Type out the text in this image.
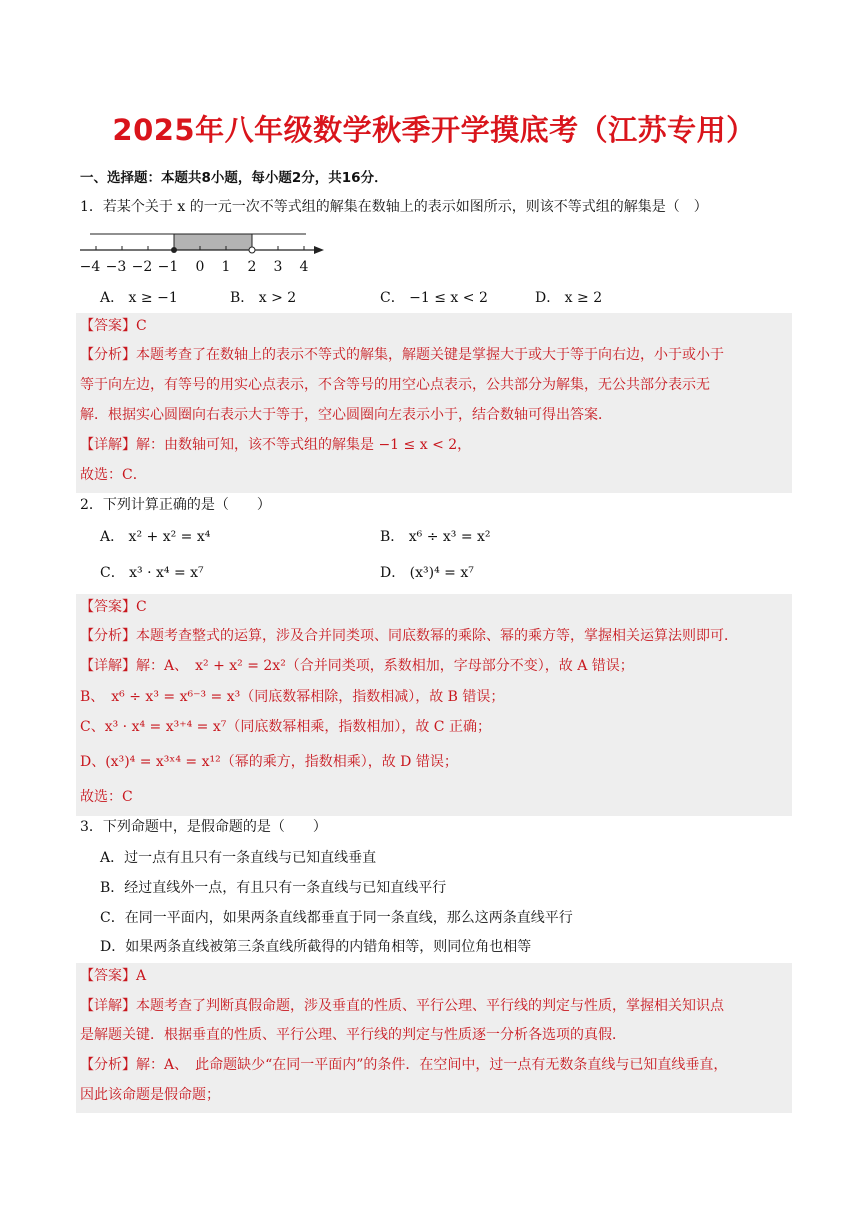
2025年八年级数学秋季开学摸底考（江苏专用）
一、选择题：本题共8小题，每小题2分，共16分．
1．若某个关于 x 的一元一次不等式组的解集在数轴上的表示如图所示，则该不等式组的解集是（　）
−4 −3 −2 −1 0 1 2 3 4
A． x ≥ −1	B． x > 2	C． −1 ≤ x < 2	D． x ≥ 2
【答案】C
【分析】本题考查了在数轴上的表示不等式的解集，解题关键是掌握大于或大于等于向右边，小于或小于
等于向左边，有等号的用实心点表示，不含等号的用空心点表示，公共部分为解集，无公共部分表示无
解．根据实心圆圈向右表示大于等于，空心圆圈向左表示小于，结合数轴可得出答案．
【详解】解：由数轴可知，该不等式组的解集是 −1 ≤ x < 2，
故选：C．
2．下列计算正确的是（　　）
A． x² + x² = x⁴	B． x⁶ ÷ x³ = x²
C． x³ · x⁴ = x⁷	D． (x³)⁴ = x⁷
【答案】C
【分析】本题考查整式的运算，涉及合并同类项、同底数幂的乘除、幂的乘方等，掌握相关运算法则即可．
【详解】解：A、　x² + x² = 2x²（合并同类项，系数相加，字母部分不变），故 A 错误；
B、　x⁶ ÷ x³ = x⁶⁻³ = x³（同底数幂相除，指数相减），故 B 错误；
C、x³ · x⁴ = x³⁺⁴ = x⁷（同底数幂相乘，指数相加），故 C 正确；
D、(x³)⁴ = x³ˣ⁴ = x¹²（幂的乘方，指数相乘），故 D 错误；
故选：C
3．下列命题中，是假命题的是（　　）
A．过一点有且只有一条直线与已知直线垂直
B．经过直线外一点，有且只有一条直线与已知直线平行
C．在同一平面内，如果两条直线都垂直于同一条直线，那么这两条直线平行
D．如果两条直线被第三条直线所截得的内错角相等，则同位角也相等
【答案】A
【详解】本题考查了判断真假命题，涉及垂直的性质、平行公理、平行线的判定与性质，掌握相关知识点
是解题关键．根据垂直的性质、平行公理、平行线的判定与性质逐一分析各选项的真假．
【分析】解：A、　此命题缺少“在同一平面内”的条件．在空间中，过一点有无数条直线与已知直线垂直，
因此该命题是假命题；
